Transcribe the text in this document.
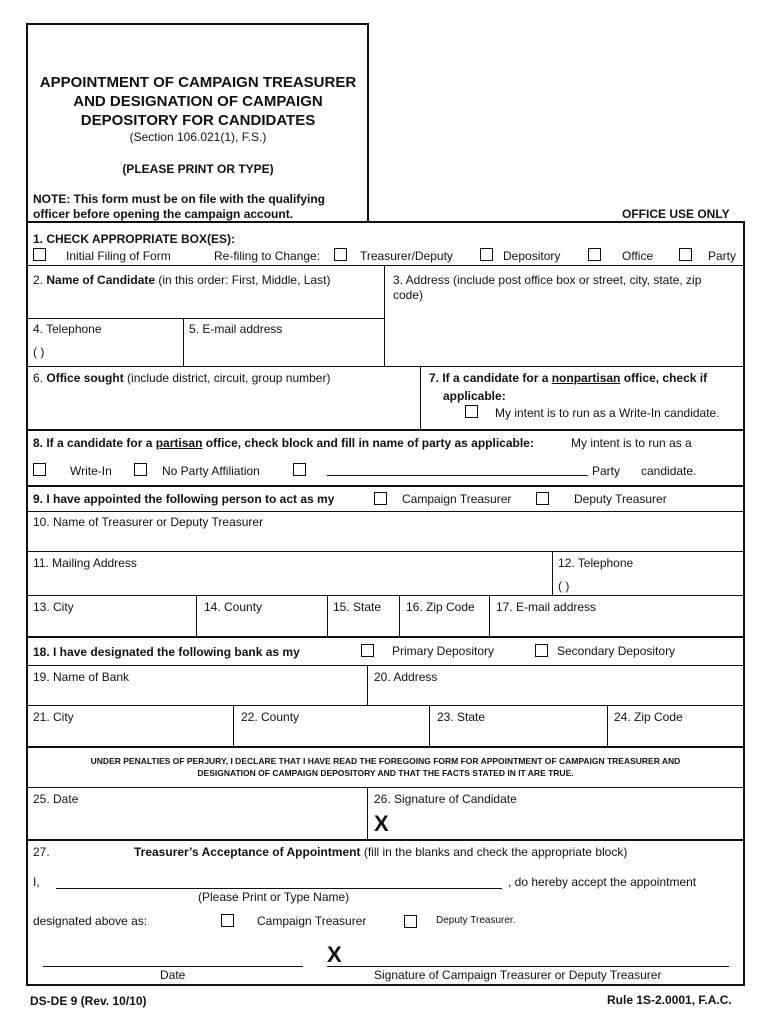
APPOINTMENT OF CAMPAIGN TREASURER
AND DESIGNATION OF CAMPAIGN
DEPOSITORY FOR CANDIDATES
(Section 106.021(1), F.S.)
(PLEASE PRINT OR TYPE)
NOTE: This form must be on file with the qualifying
officer before opening the campaign account.	OFFICE USE ONLY
1. CHECK APPROPRIATE BOX(ES):
Initial Filing of Form	Re-filing to Change:	Treasurer/Deputy	Depository	Office	Party
2. Name of Candidate (in this order: First, Middle, Last)	3. Address (include post office box or street, city, state, zip
code)
4. Telephone
( )
5. E-mail address
6. Office sought (include district, circuit, group number)	7. If a candidate for a nonpartisan office, check if
applicable:
My intent is to run as a Write-In candidate.
8. If a candidate for a partisan office, check block and fill in name of party as applicable:	My intent is to run as a
Write-In	No Party Affiliation	Party candidate.
9. I have appointed the following person to act as my	Campaign Treasurer	Deputy Treasurer
10. Name of Treasurer or Deputy Treasurer
11. Mailing Address	12. Telephone
( )
13. City	14. County	15. State 16. Zip Code 17. E-mail address
18. I have designated the following bank as my	Primary Depository	Secondary Depository
19. Name of Bank	20. Address
21. City	22. County	23. State	24. Zip Code
UNDER PENALTIES OF PERJURY, I DECLARE THAT I HAVE READ THE FOREGOING FORM FOR APPOINTMENT OF CAMPAIGN TREASURER AND
DESIGNATION OF CAMPAIGN DEPOSITORY AND THAT THE FACTS STATED IN IT ARE TRUE.
25. Date	26. Signature of Candidate
X
27.	Treasurer’s Acceptance of Appointment (fill in the blanks and check the appropriate block)
I,	, do hereby accept the appointment
(Please Print or Type Name)
designated above as:	Campaign Treasurer	Deputy Treasurer.
X
Date	Signature of Campaign Treasurer or Deputy Treasurer
DS-DE 9 (Rev. 10/10)	Rule 1S-2.0001, F.A.C.
